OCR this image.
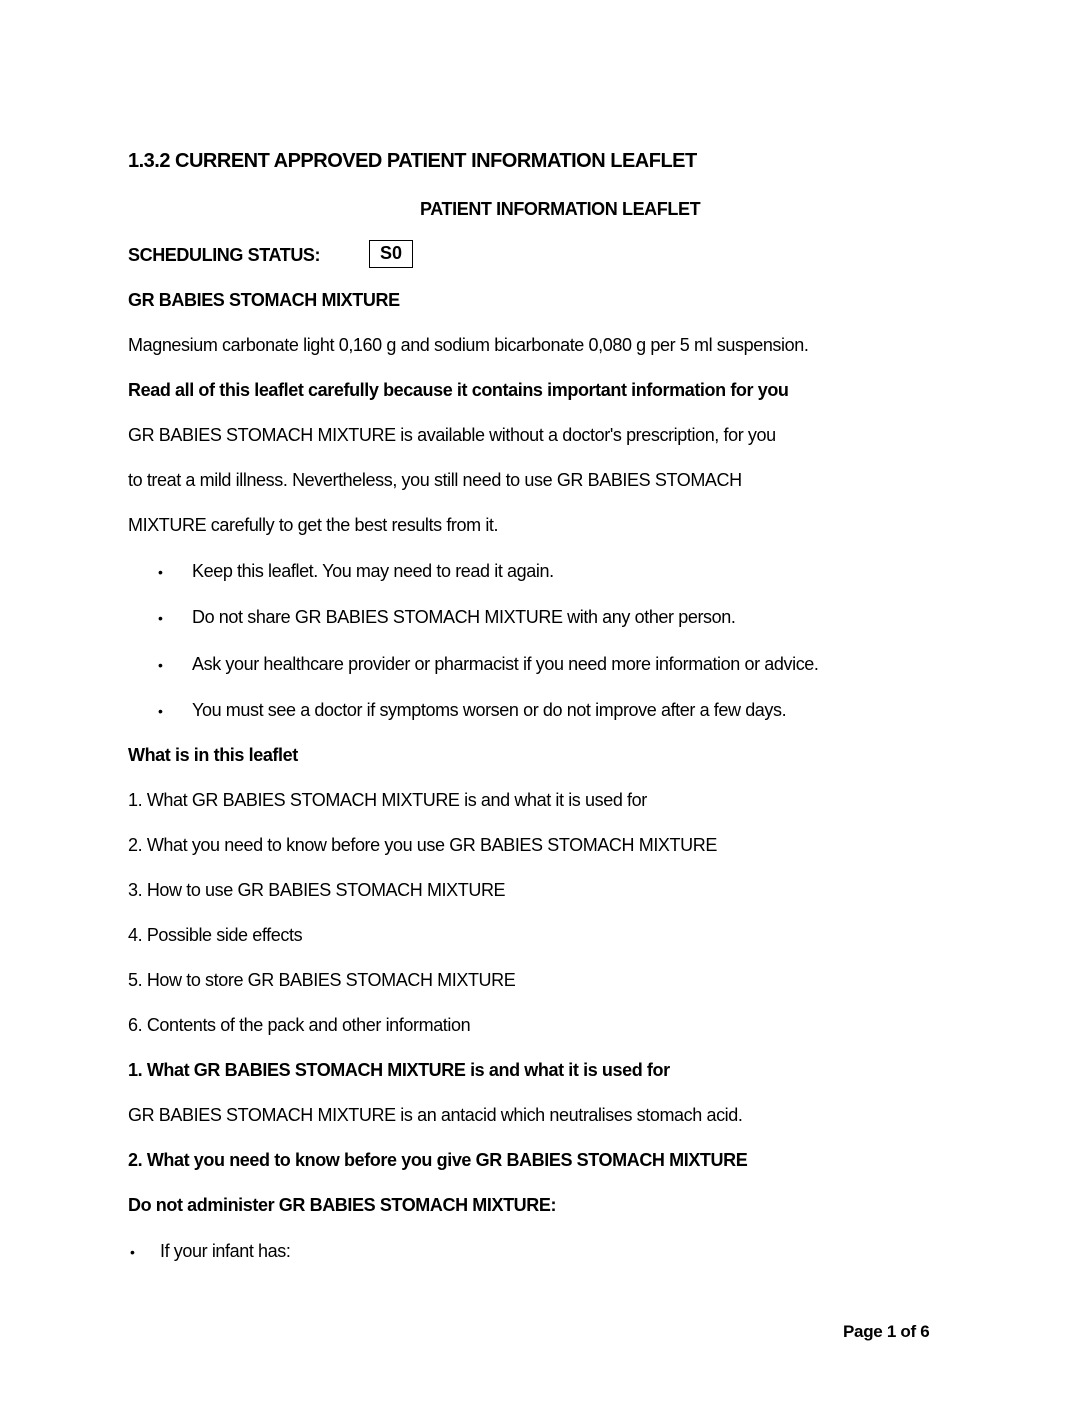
1.3.2 CURRENT APPROVED PATIENT INFORMATION LEAFLET
PATIENT INFORMATION LEAFLET
SCHEDULING STATUS:	S0
GR BABIES STOMACH MIXTURE
Magnesium carbonate light 0,160 g and sodium bicarbonate 0,080 g per 5 ml suspension.
Read all of this leaflet carefully because it contains important information for you
GR BABIES STOMACH MIXTURE is available without a doctor's prescription, for you
to treat a mild illness. Nevertheless, you still need to use GR BABIES STOMACH
MIXTURE carefully to get the best results from it.
• Keep this leaflet. You may need to read it again.
• Do not share GR BABIES STOMACH MIXTURE with any other person.
• Ask your healthcare provider or pharmacist if you need more information or advice.
• You must see a doctor if symptoms worsen or do not improve after a few days.
What is in this leaflet
1. What GR BABIES STOMACH MIXTURE is and what it is used for
2. What you need to know before you use GR BABIES STOMACH MIXTURE
3. How to use GR BABIES STOMACH MIXTURE
4. Possible side effects
5. How to store GR BABIES STOMACH MIXTURE
6. Contents of the pack and other information
1. What GR BABIES STOMACH MIXTURE is and what it is used for
GR BABIES STOMACH MIXTURE is an antacid which neutralises stomach acid.
2. What you need to know before you give GR BABIES STOMACH MIXTURE
Do not administer GR BABIES STOMACH MIXTURE:
• If your infant has:
Page 1 of 6
